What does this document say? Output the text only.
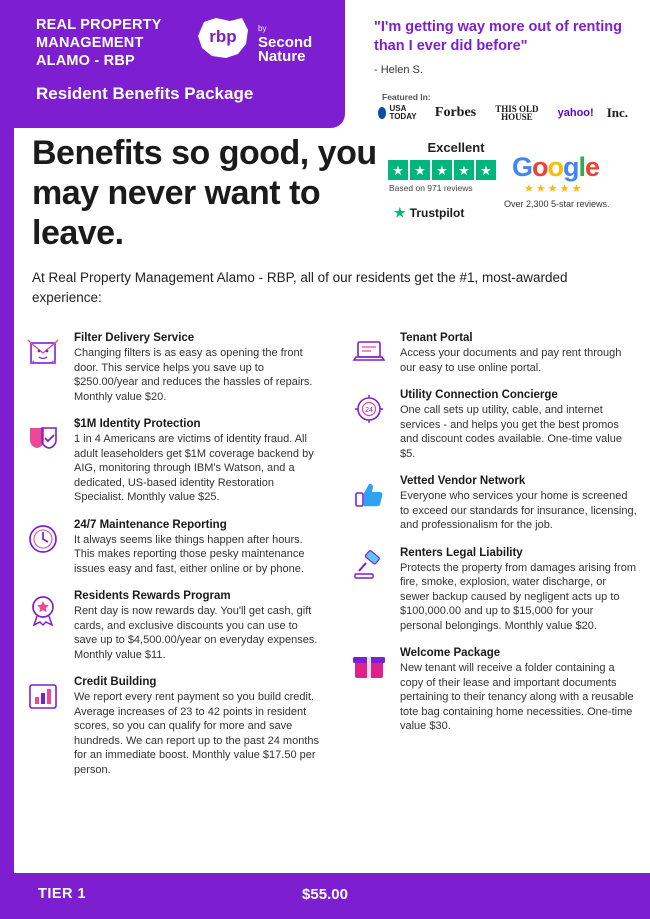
REAL PROPERTY
MANAGEMENT
ALAMO - RBP
rbp	by
Second
Nature
Resident Benefits Package
"I'm getting way more out of renting than I ever did before"
- Helen S.
Featured In:
USA TODAY	Forbes	THIS OLD HOUSE	yahoo! Inc.
Excellent
★ ★ ★ ★ ★
Based on 971 reviews
★ Trustpilot
Google
★★★★★
Over 2,300 5-star reviews.
Benefits so good, you may never want to leave.
At Real Property Management Alamo - RBP, all of our residents get the #1, most-awarded experience:
Filter Delivery Service

Changing filters is as easy as opening the front door. This service helps you save up to $250.00/year and reduces the hassles of repairs. Monthly value $20.

$1M Identity Protection

1 in 4 Americans are victims of identity fraud. All adult leaseholders get $1M coverage backend by AIG, monitoring through IBM's Watson, and a dedicated, US-based identity Restoration Specialist. Monthly value $25.

24/7 Maintenance Reporting

It always seems like things happen after hours. This makes reporting those pesky maintenance issues easy and fast, either online or by phone.

Residents Rewards Program

Rent day is now rewards day. You'll get cash, gift cards, and exclusive discounts you can use to save up to $4,500.00/year on everyday expenses. Monthly value $11.

Credit Building

We report every rent payment so you build credit. Average increases of 23 to 42 points in resident scores, so you can qualify for more and save hundreds. We can report up to the past 24 months for an immediate boost. Monthly value $17.50 per person.

Tenant Portal

Access your documents and pay rent through our easy to use online portal.

24
Utility Connection Concierge

One call sets up utility, cable, and internet services - and helps you get the best promos and discount codes available. One-time value $5.

Vetted Vendor Network

Everyone who services your home is screened to exceed our standards for insurance, licensing, and professionalism for the job.

Renters Legal Liability

Protects the property from damages arising from fire, smoke, explosion, water discharge, or sewer backup caused by negligent acts up to $100,000.00 and up to $15,000 for your personal belongings. Monthly value $20.

Welcome Package

New tenant will receive a folder containing a copy of their lease and important documents pertaining to their tenancy along with a reusable tote bag containing home necessities. One-time value $30.

TIER 1	$55.00
